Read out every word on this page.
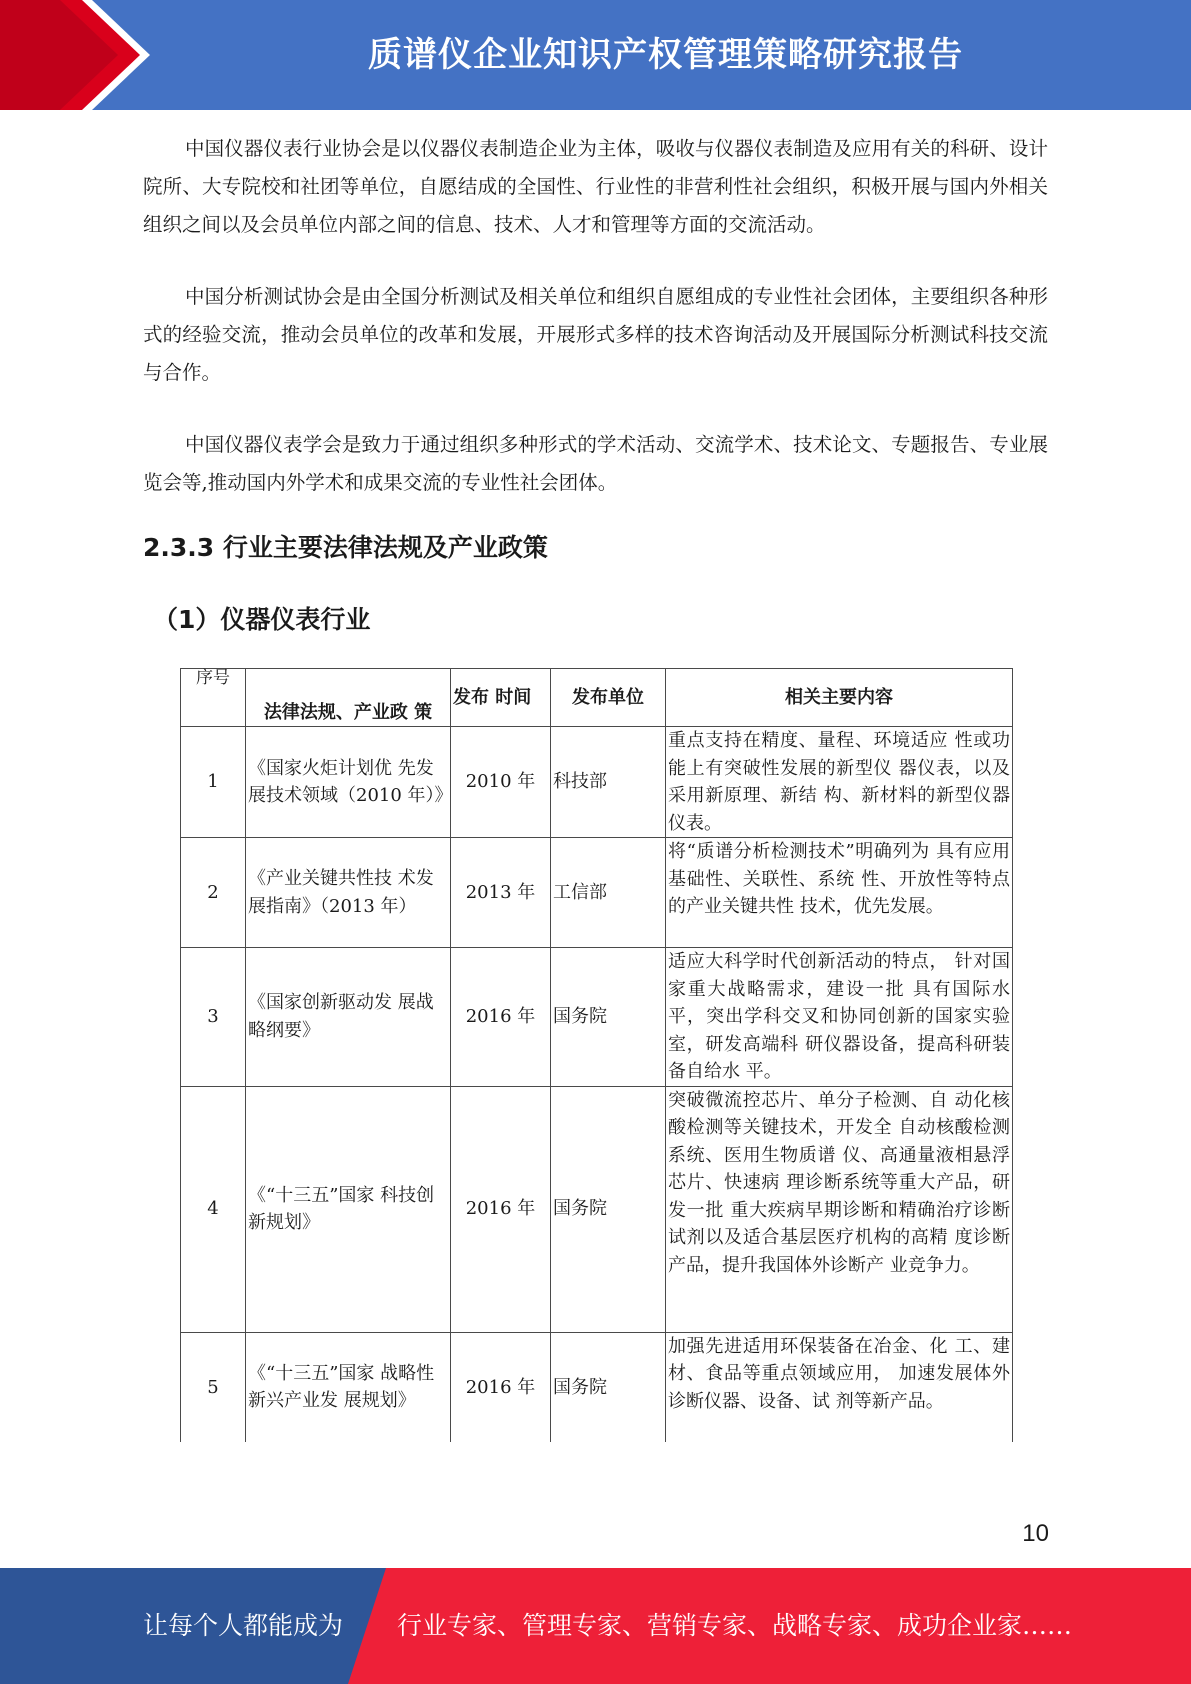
质谱仪企业知识产权管理策略研究报告

中国仪器仪表行业协会是以仪器仪表制造企业为主体，吸收与仪器仪表制造及应用有关的科研、设计院所、大专院校和社团等单位，自愿结成的全国性、行业性的非营利性社会组织，积极开展与国内外相关组织之间以及会员单位内部之间的信息、技术、人才和管理等方面的交流活动。

中国分析测试协会是由全国分析测试及相关单位和组织自愿组成的专业性社会团体，主要组织各种形式的经验交流，推动会员单位的改革和发展，开展形式多样的技术咨询活动及开展国际分析测试科技交流与合作。

中国仪器仪表学会是致力于通过组织多种形式的学术活动、交流学术、技术论文、专题报告、专业展览会等,推动国内外学术和成果交流的专业性社会团体。

2.3.3 行业主要法律法规及产业政策
（1）仪器仪表行业
序号	法律法规、产业政 策	发布 时间	发布单位	相关主要内容
1	《国家火炬计划优 先发展技术领域（2010 年）》	2010 年	科技部	重点支持在精度、量程、环境适应 性或功能上有突破性发展的新型仪 器仪表，以及采用新原理、新结 构、新材料的新型仪器仪表。
2	《产业关键共性技 术发展指南》（2013 年）	2013 年	工信部	将“质谱分析检测技术”明确列为 具有应用基础性、关联性、系统 性、开放性等特点的产业关键共性 技术，优先发展。
3	《国家创新驱动发 展战略纲要》	2016 年	国务院	适应大科学时代创新活动的特点， 针对国家重大战略需求，建设一批 具有国际水平，突出学科交叉和协同创新的国家实验室，研发高端科 研仪器设备，提高科研装备自给水 平。
4	《“十三五”国家 科技创新规划》	2016 年	国务院	突破微流控芯片、单分子检测、自 动化核酸检测等关键技术，开发全 自动核酸检测系统、医用生物质谱 仪、高通量液相悬浮芯片、快速病 理诊断系统等重大产品，研发一批 重大疾病早期诊断和精确治疗诊断 试剂以及适合基层医疗机构的高精 度诊断产品，提升我国体外诊断产 业竞争力。
5	《“十三五”国家 战略性新兴产业发 展规划》	2016 年	国务院	加强先进适用环保装备在冶金、化 工、建材、食品等重点领域应用， 加速发展体外诊断仪器、设备、试 剂等新产品。
10
让每个人都能成为 行业专家、管理专家、营销专家、战略专家、成功企业家……
